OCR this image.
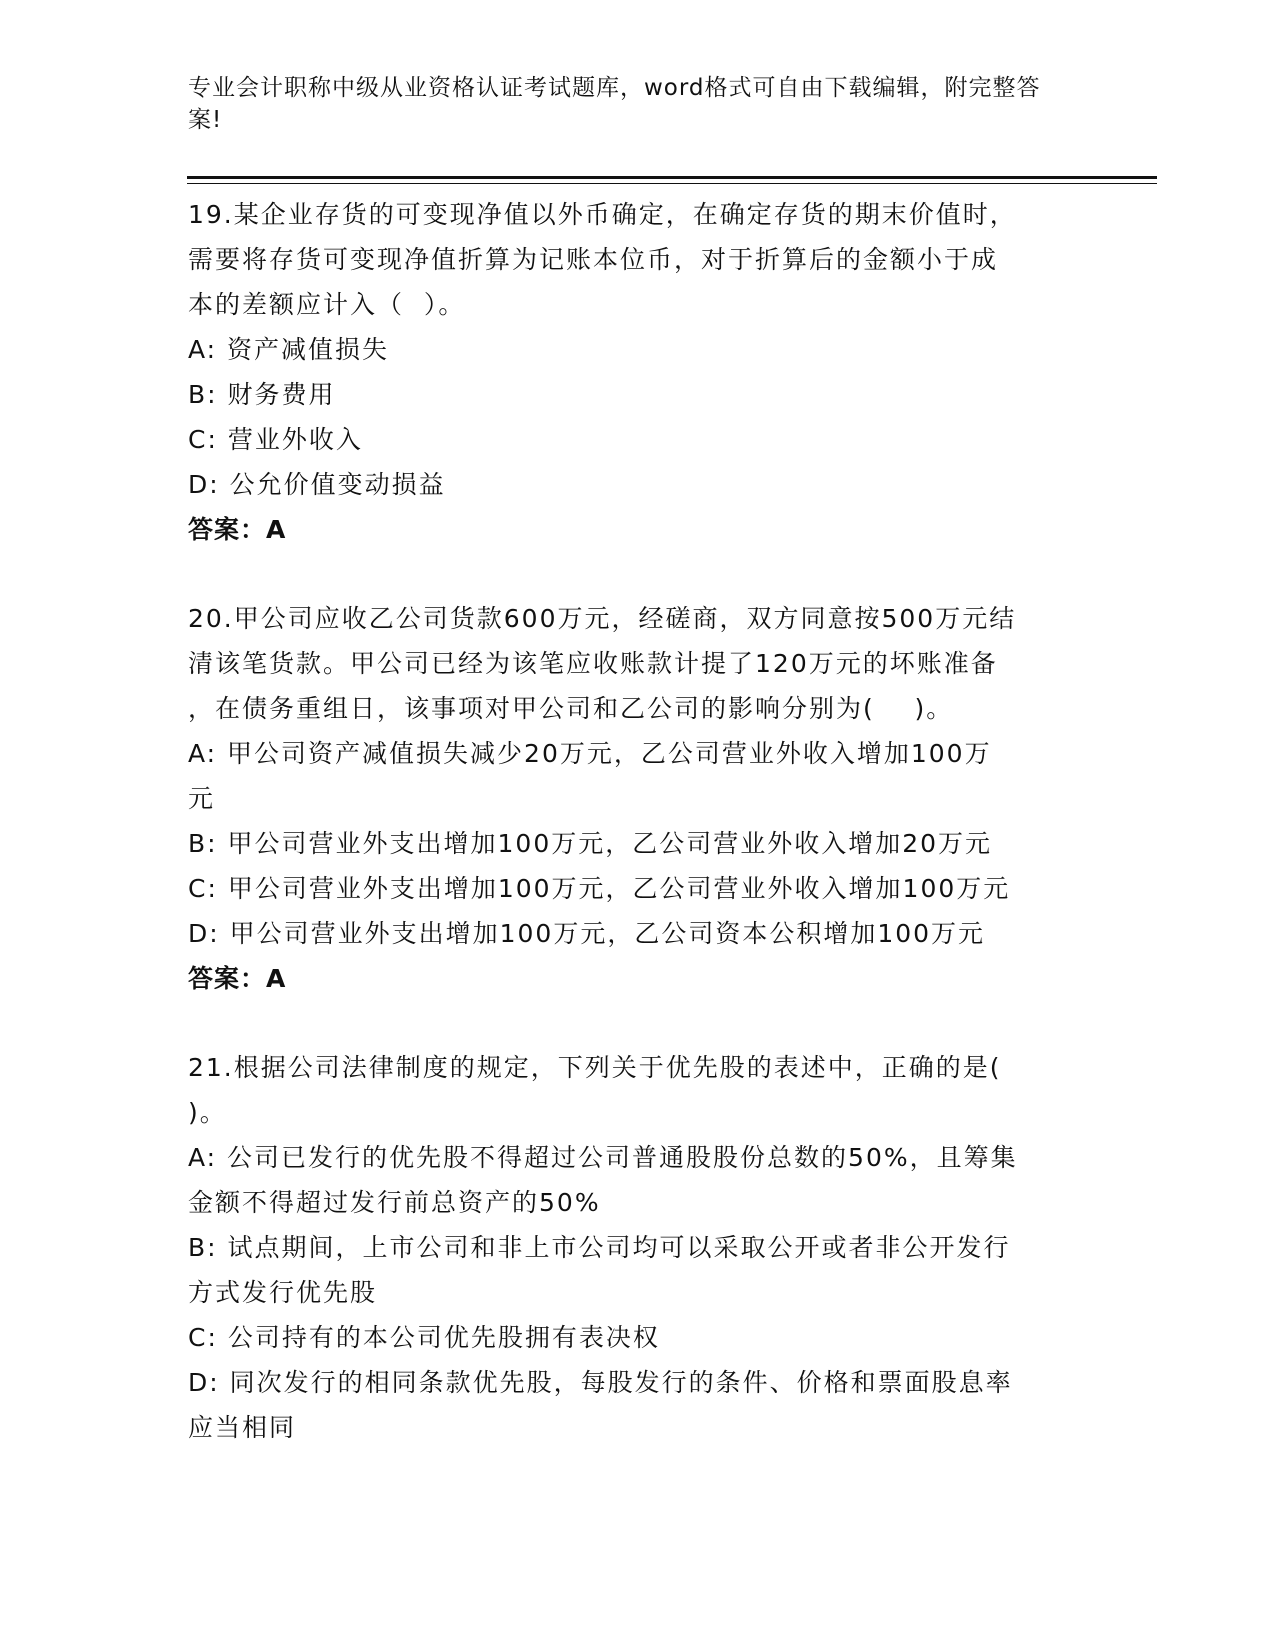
专业会计职称中级从业资格认证考试题库，word格式可自由下载编辑，附完整答
案!
19.某企业存货的可变现净值以外币确定，在确定存货的期末价值时，
需要将存货可变现净值折算为记账本位币，对于折算后的金额小于成
本的差额应计入（  ）。
A: 资产减值损失
B: 财务费用
C: 营业外收入
D: 公允价值变动损益
答案：A
20.甲公司应收乙公司货款600万元，经磋商，双方同意按500万元结
清该笔货款。甲公司已经为该笔应收账款计提了120万元的坏账准备
，在债务重组日，该事项对甲公司和乙公司的影响分别为(    )。
A: 甲公司资产减值损失减少20万元，乙公司营业外收入增加100万
元
B: 甲公司营业外支出增加100万元，乙公司营业外收入增加20万元
C: 甲公司营业外支出增加100万元，乙公司营业外收入增加100万元
D: 甲公司营业外支出增加100万元，乙公司资本公积增加100万元
答案：A
21.根据公司法律制度的规定，下列关于优先股的表述中，正确的是(
)。
A: 公司已发行的优先股不得超过公司普通股股份总数的50%，且筹集
金额不得超过发行前总资产的50%
B: 试点期间，上市公司和非上市公司均可以采取公开或者非公开发行
方式发行优先股
C: 公司持有的本公司优先股拥有表决权
D: 同次发行的相同条款优先股，每股发行的条件、价格和票面股息率
应当相同
